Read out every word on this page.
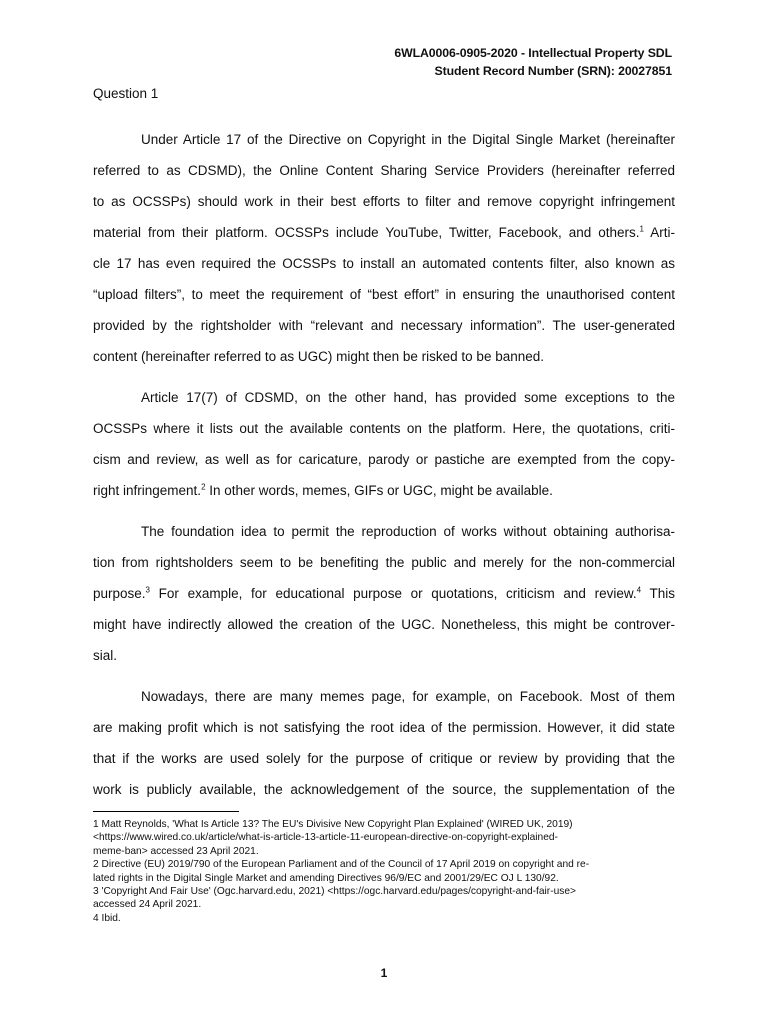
6WLA0006-0905-2020 - Intellectual Property SDL
Student Record Number (SRN): 20027851
Question 1
Under Article 17 of the Directive on Copyright in the Digital Single Market (hereinafter
referred to as CDSMD), the Online Content Sharing Service Providers (hereinafter referred
to as OCSSPs) should work in their best efforts to filter and remove copyright infringement
material from their platform. OCSSPs include YouTube, Twitter, Facebook, and others.$^1$ Arti-
cle 17 has even required the OCSSPs to install an automated contents filter, also known as
“upload filters”, to meet the requirement of “best effort” in ensuring the unauthorised content
provided by the rightsholder with “relevant and necessary information”. The user-generated
content (hereinafter referred to as UGC) might then be risked to be banned.
Article 17(7) of CDSMD, on the other hand, has provided some exceptions to the
OCSSPs where it lists out the available contents on the platform. Here, the quotations, criti-
cism and review, as well as for caricature, parody or pastiche are exempted from the copy-
right infringement.$^2$ In other words, memes, GIFs or UGC, might be available.
The foundation idea to permit the reproduction of works without obtaining authorisa-
tion from rightsholders seem to be benefiting the public and merely for the non-commercial
purpose.$^3$ For example, for educational purpose or quotations, criticism and review.$^4$ This
might have indirectly allowed the creation of the UGC. Nonetheless, this might be controver-
sial.
Nowadays, there are many memes page, for example, on Facebook. Most of them
are making profit which is not satisfying the root idea of the permission. However, it did state
that if the works are used solely for the purpose of critique or review by providing that the
work is publicly available, the acknowledgement of the source, the supplementation of the
1 Matt Reynolds, 'What Is Article 13? The EU's Divisive New Copyright Plan Explained' (WIRED UK, 2019)
<https://www.wired.co.uk/article/what-is-article-13-article-11-european-directive-on-copyright-explained-
meme-ban> accessed 23 April 2021.
2 Directive (EU) 2019/790 of the European Parliament and of the Council of 17 April 2019 on copyright and re-
lated rights in the Digital Single Market and amending Directives 96/9/EC and 2001/29/EC OJ L 130/92.
3 'Copyright And Fair Use' (Ogc.harvard.edu, 2021) <https://ogc.harvard.edu/pages/copyright-and-fair-use>
accessed 24 April 2021.
4 Ibid.
1
